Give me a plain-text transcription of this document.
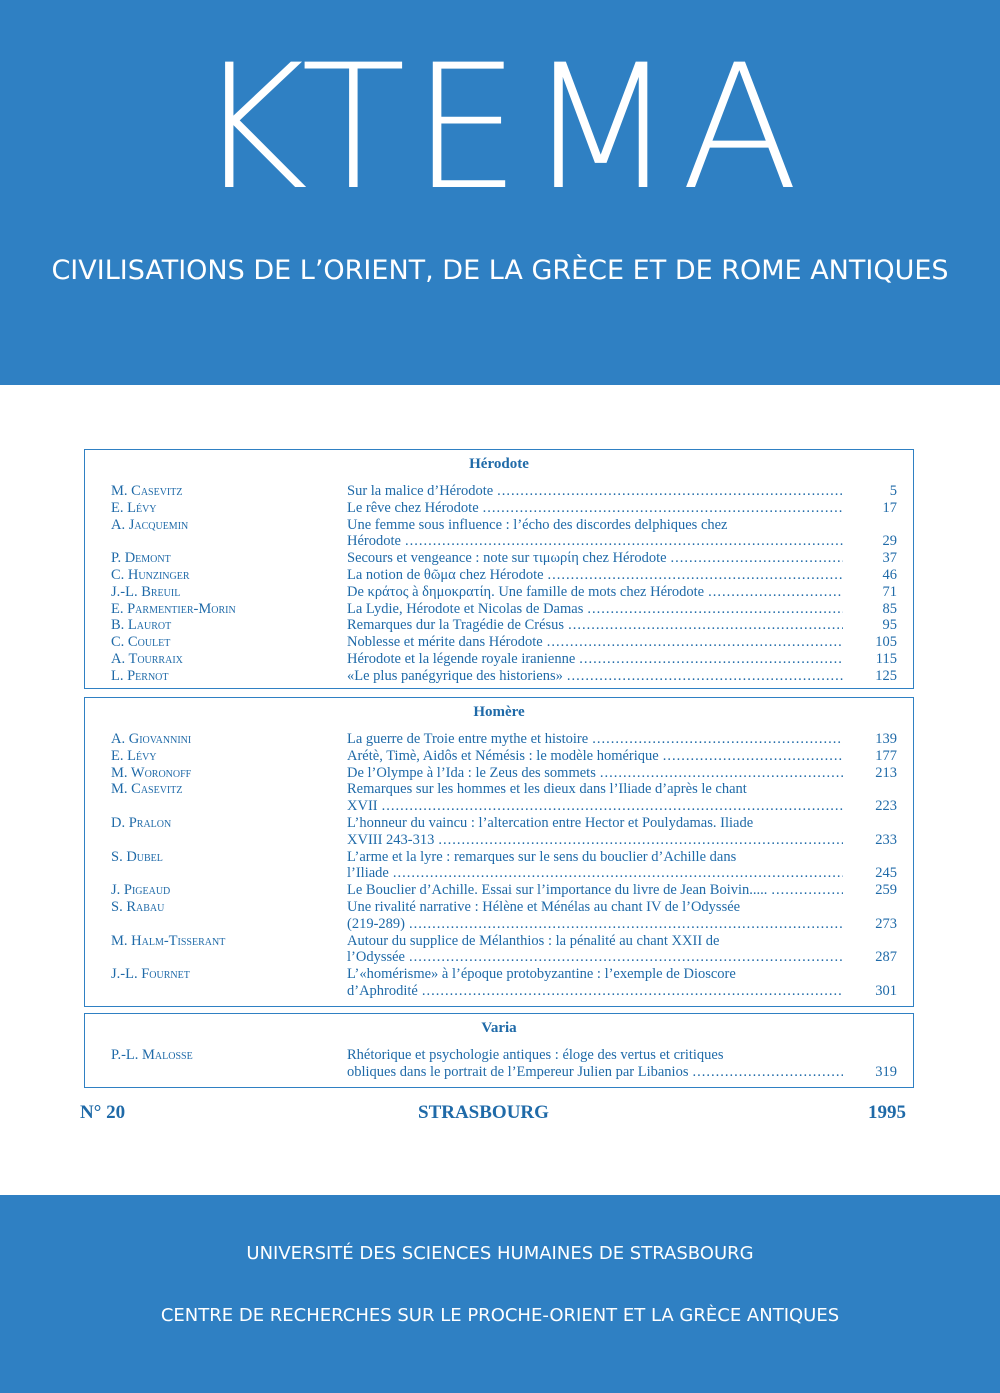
KTEMA
CIVILISATIONS DE L’ORIENT, DE LA GRÈCE ET DE ROME ANTIQUES
Hérodote
M. Casevitz	Sur la malice d’Hérodote .....	5
E. Lévy	Le rêve chez Hérodote .....	17
A. Jacquemin	Une femme sous influence : l’écho des discordes delphiques chez
Hérodote .....	29
P. Demont	Secours et vengeance : note sur τιμωρίη chez Hérodote .....	37
C. Hunzinger	La notion de θῶμα chez Hérodote .....	46
J.-L. Breuil	De κράτος à δημοκρατίη. Une famille de mots chez Hérodote .....	71
E. Parmentier-Morin	La Lydie, Hérodote et Nicolas de Damas .....	85
B. Laurot	Remarques dur la Tragédie de Crésus .....	95
C. Coulet	Noblesse et mérite dans Hérodote .....	105
A. Tourraix	Hérodote et la légende royale iranienne .....	115
L. Pernot	«Le plus panégyrique des historiens» .....	125
Homère
A. Giovannini	La guerre de Troie entre mythe et histoire .....	139
E. Lévy	Arétè, Timè, Aidôs et Némésis : le modèle homérique .....	177
M. Woronoff	De l’Olympe à l’Ida : le Zeus des sommets .....	213
M. Casevitz	Remarques sur les hommes et les dieux dans l’Iliade d’après le chant
XVII .....	223
D. Pralon	L’honneur du vaincu : l’altercation entre Hector et Poulydamas. Iliade
XVIII 243-313 .....	233
S. Dubel	L’arme et la lyre : remarques sur le sens du bouclier d’Achille dans
l’Iliade .....	245
J. Pigeaud	Le Bouclier d’Achille. Essai sur l’importance du livre de Jean Boivin..... .....	259
S. Rabau	Une rivalité narrative : Hélène et Ménélas au chant IV de l’Odyssée
(219-289) .....	273
M. Halm-Tisserant	Autour du supplice de Mélanthios : la pénalité au chant XXII de
l’Odyssée .....	287
J.-L. Fournet	L’«homérisme» à l’époque protobyzantine : l’exemple de Dioscore
d’Aphrodité .....	301
Varia
P.-L. Malosse	Rhétorique et psychologie antiques : éloge des vertus et critiques
obliques dans le portrait de l’Empereur Julien par Libanios .....	319
N° 20	STRASBOURG	1995
UNIVERSITÉ DES SCIENCES HUMAINES DE STRASBOURG
CENTRE DE RECHERCHES SUR LE PROCHE-ORIENT ET LA GRÈCE ANTIQUES
